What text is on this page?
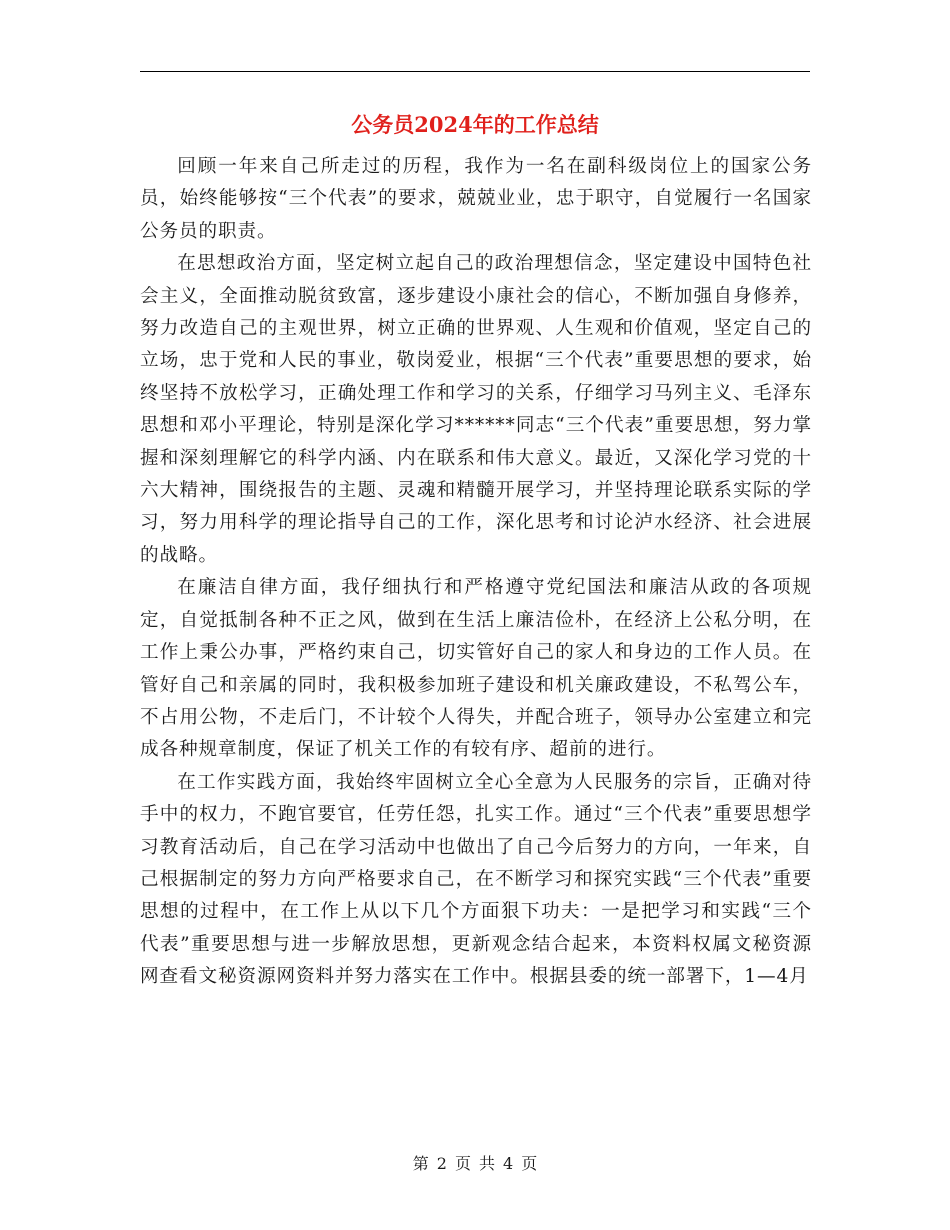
公务员2024年的工作总结

回顾一年来自己所走过的历程，我作为一名在副科级岗位上的国家公务员，始终能够按“三个代表”的要求，兢兢业业，忠于职守，自觉履行一名国家公务员的职责。

在思想政治方面，坚定树立起自己的政治理想信念，坚定建设中国特色社会主义，全面推动脱贫致富，逐步建设小康社会的信心，不断加强自身修养，努力改造自己的主观世界，树立正确的世界观、人生观和价值观，坚定自己的立场，忠于党和人民的事业，敬岗爱业，根据“三个代表”重要思想的要求，始终坚持不放松学习，正确处理工作和学习的关系，仔细学习马列主义、毛泽东思想和邓小平理论，特别是深化学习******同志“三个代表”重要思想，努力掌握和深刻理解它的科学内涵、内在联系和伟大意义。最近，又深化学习党的十六大精神，围绕报告的主题、灵魂和精髓开展学习，并坚持理论联系实际的学习，努力用科学的理论指导自己的工作，深化思考和讨论泸水经济、社会进展的战略。

在廉洁自律方面，我仔细执行和严格遵守党纪国法和廉洁从政的各项规定，自觉抵制各种不正之风，做到在生活上廉洁俭朴，在经济上公私分明，在工作上秉公办事，严格约束自己，切实管好自己的家人和身边的工作人员。在管好自己和亲属的同时，我积极参加班子建设和机关廉政建设，不私驾公车，不占用公物，不走后门，不计较个人得失，并配合班子，领导办公室建立和完成各种规章制度，保证了机关工作的有较有序、超前的进行。

在工作实践方面，我始终牢固树立全心全意为人民服务的宗旨，正确对待手中的权力，不跑官要官，任劳任怨，扎实工作。通过“三个代表”重要思想学习教育活动后，自己在学习活动中也做出了自己今后努力的方向，一年来，自己根据制定的努力方向严格要求自己，在不断学习和探究实践“三个代表”重要思想的过程中，在工作上从以下几个方面狠下功夫：一是把学习和实践“三个代表”重要思想与进一步解放思想，更新观念结合起来，本资料权属文秘资源网查看文秘资源网资料并努力落实在工作中。根据县委的统一部署下，1—4月

第 2 页 共 4 页
